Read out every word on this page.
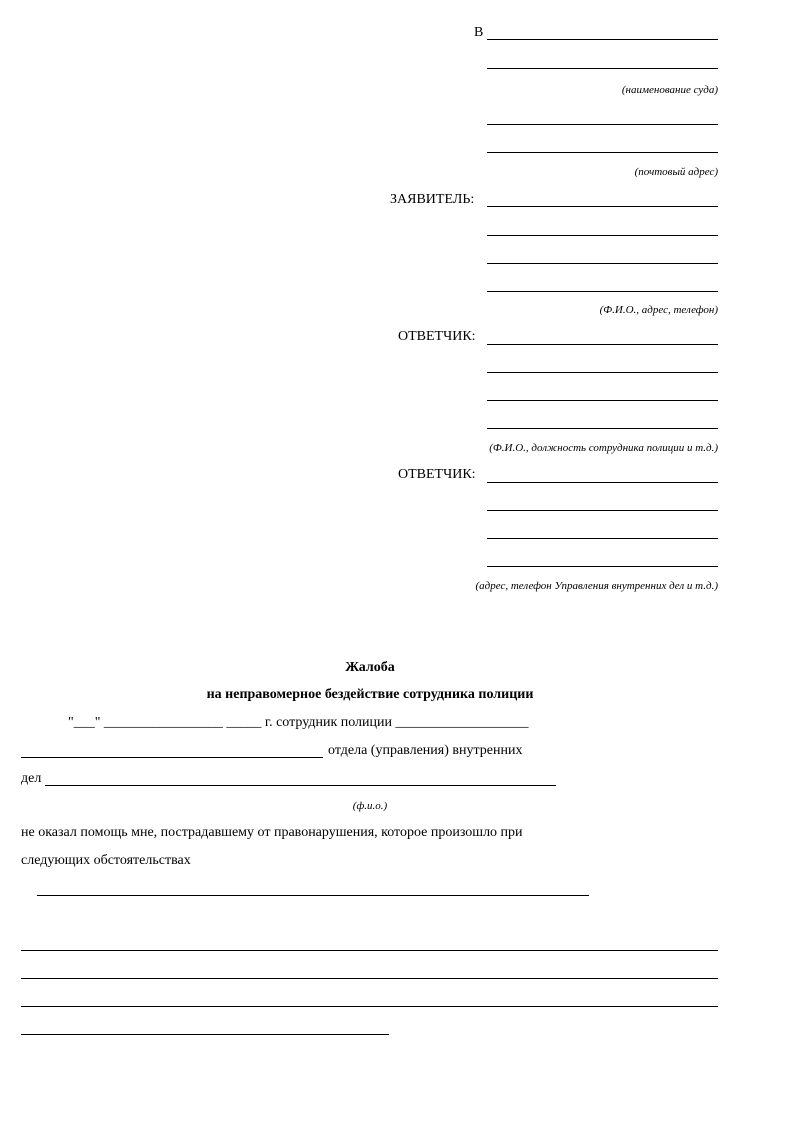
В
(наименование суда)
(почтовый адрес)
ЗАЯВИТЕЛЬ:
(Ф.И.О., адрес, телефон)
ОТВЕТЧИК:
(Ф.И.О., должность сотрудника полиции и т.д.)
ОТВЕТЧИК:
(адрес, телефон Управления внутренних дел и т.д.)
Жалоба
на неправомерное бездействие сотрудника полиции
"___" _________________ _____ г. сотрудник полиции ___________________
отдела (управления) внутренних
дел
(ф.и.о.)
не оказал помощь мне, пострадавшему от правонарушения, которое произошло при
следующих обстоятельствах
